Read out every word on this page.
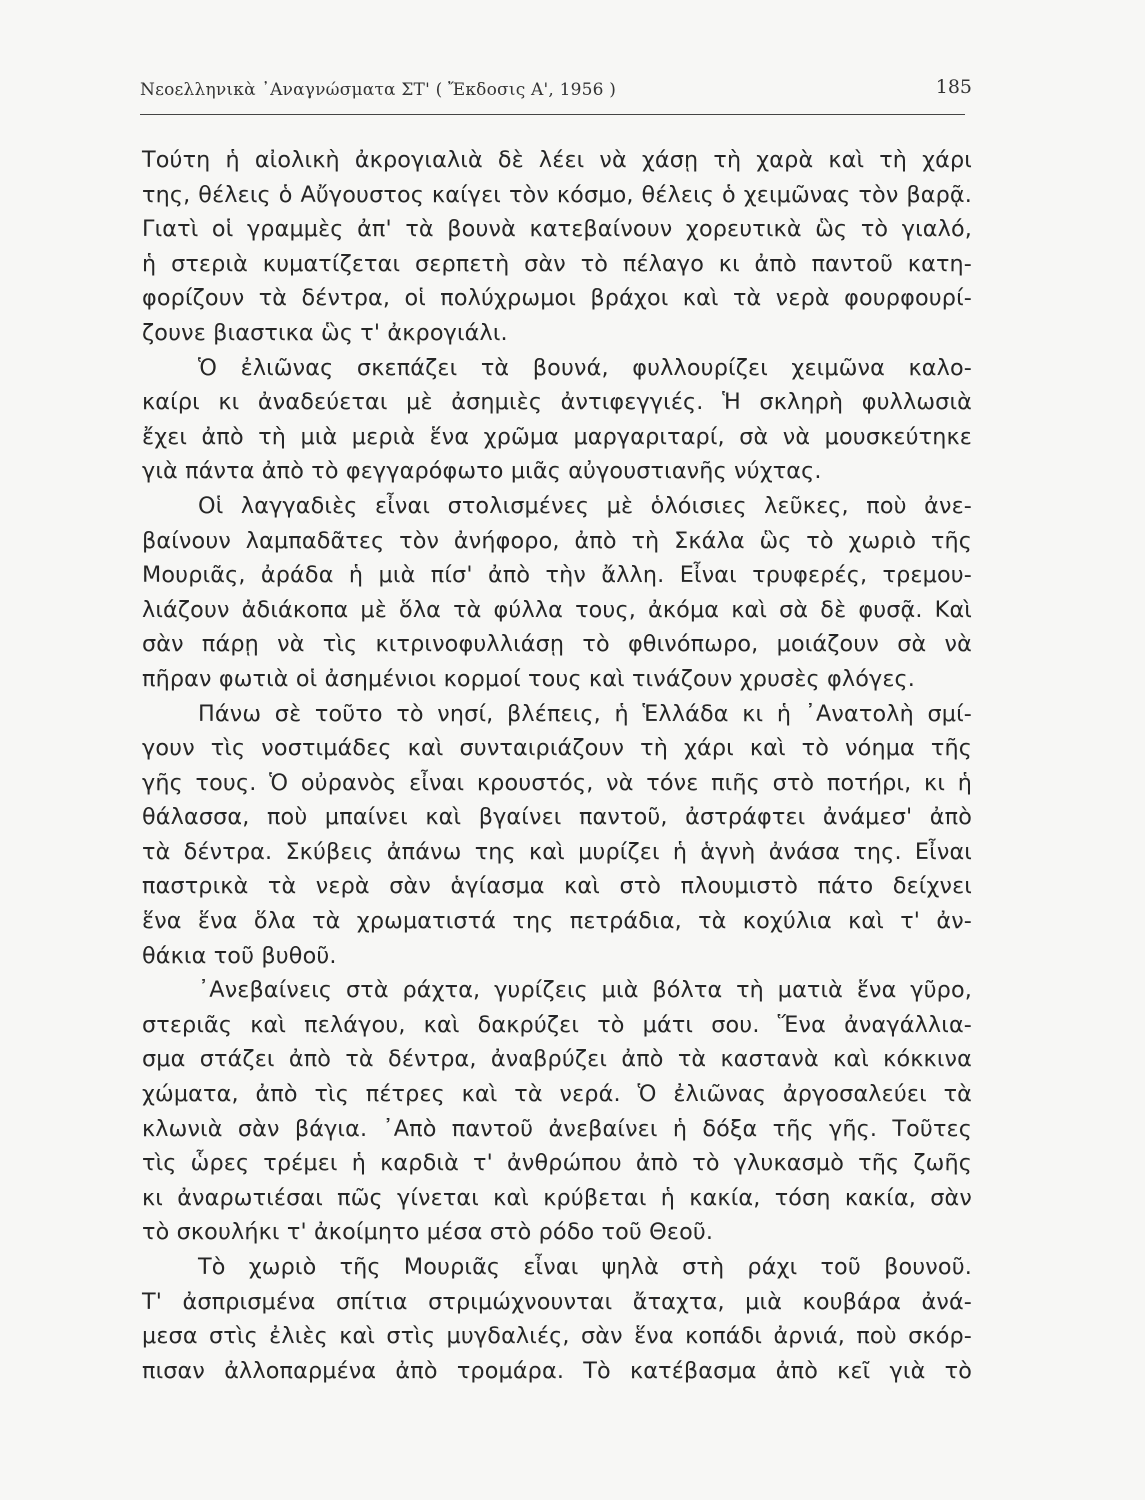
Νεοελληνικὰ ᾿Αναγνώσματα ΣΤ' ( Ἔκδοσις Α', 1956 )	185
Τούτη ἡ αἰολικὴ ἀκρογιαλιὰ δὲ λέει νὰ χάσῃ τὴ χαρὰ καὶ τὴ χάρι
της, θέλεις ὁ Αὔγουστος καίγει τὸν κόσμο, θέλεις ὁ χειμῶνας τὸν βαρᾷ.
Γιατὶ οἱ γραμμὲς ἀπ' τὰ βουνὰ κατεβαίνουν χορευτικὰ ὣς τὸ γιαλό,
ἡ στεριὰ κυματίζεται σερπετὴ σὰν τὸ πέλαγο κι ἀπὸ παντοῦ κατη-
φορίζουν τὰ δέντρα, οἱ πολύχρωμοι βράχοι καὶ τὰ νερὰ φουρφουρί-
ζουνε βιαστικα ὣς τ' ἀκρογιάλι.
Ὁ ἐλιῶνας σκεπάζει τὰ βουνά, φυλλουρίζει χειμῶνα καλο-
καίρι κι ἀναδεύεται μὲ ἀσημιὲς ἀντιφεγγιές. Ἡ σκληρὴ φυλλωσιὰ
ἔχει ἀπὸ τὴ μιὰ μεριὰ ἕνα χρῶμα μαργαριταρί, σὰ νὰ μουσκεύτηκε
γιὰ πάντα ἀπὸ τὸ φεγγαρόφωτο μιᾶς αὐγουστιανῆς νύχτας.
Οἱ λαγγαδιὲς εἶναι στολισμένες μὲ ὁλόισιες λεῦκες, ποὺ ἀνε-
βαίνουν λαμπαδᾶτες τὸν ἀνήφορο, ἀπὸ τὴ Σκάλα ὣς τὸ χωριὸ τῆς
Μουριᾶς, ἀράδα ἡ μιὰ πίσ' ἀπὸ τὴν ἄλλη. Εἶναι τρυφερές, τρεμου-
λιάζουν ἀδιάκοπα μὲ ὅλα τὰ φύλλα τους, ἀκόμα καὶ σὰ δὲ φυσᾷ. Καὶ
σὰν πάρῃ νὰ τὶς κιτρινοφυλλιάσῃ τὸ φθινόπωρο, μοιάζουν σὰ νὰ
πῆραν φωτιὰ οἱ ἀσημένιοι κορμοί τους καὶ τινάζουν χρυσὲς φλόγες.
Πάνω σὲ τοῦτο τὸ νησί, βλέπεις, ἡ Ἑλλάδα κι ἡ ᾿Ανατολὴ σμί-
γουν τὶς νοστιμάδες καὶ συνταιριάζουν τὴ χάρι καὶ τὸ νόημα τῆς
γῆς τους. Ὁ οὐρανὸς εἶναι κρουστός, νὰ τόνε πιῆς στὸ ποτήρι, κι ἡ
θάλασσα, ποὺ μπαίνει καὶ βγαίνει παντοῦ, ἀστράφτει ἀνάμεσ' ἀπὸ
τὰ δέντρα. Σκύβεις ἀπάνω της καὶ μυρίζει ἡ ἁγνὴ ἀνάσα της. Εἶναι
παστρικὰ τὰ νερὰ σὰν ἁγίασμα καὶ στὸ πλουμιστὸ πάτο δείχνει
ἕνα ἕνα ὅλα τὰ χρωματιστά της πετράδια, τὰ κοχύλια καὶ τ' ἀν-
θάκια τοῦ βυθοῦ.
᾿Ανεβαίνεις στὰ ράχτα, γυρίζεις μιὰ βόλτα τὴ ματιὰ ἕνα γῦρο,
στεριᾶς καὶ πελάγου, καὶ δακρύζει τὸ μάτι σου. Ἕνα ἀναγάλλια-
σμα στάζει ἀπὸ τὰ δέντρα, ἀναβρύζει ἀπὸ τὰ καστανὰ καὶ κόκκινα
χώματα, ἀπὸ τὶς πέτρες καὶ τὰ νερά. Ὁ ἐλιῶνας ἀργοσαλεύει τὰ
κλωνιὰ σὰν βάγια. ᾿Απὸ παντοῦ ἀνεβαίνει ἡ δόξα τῆς γῆς. Τοῦτες
τὶς ὧρες τρέμει ἡ καρδιὰ τ' ἀνθρώπου ἀπὸ τὸ γλυκασμὸ τῆς ζωῆς
κι ἀναρωτιέσαι πῶς γίνεται καὶ κρύβεται ἡ κακία, τόση κακία, σὰν
τὸ σκουλήκι τ' ἀκοίμητο μέσα στὸ ρόδο τοῦ Θεοῦ.
Τὸ χωριὸ τῆς Μουριᾶς εἶναι ψηλὰ στὴ ράχι τοῦ βουνοῦ.
Τ' ἀσπρισμένα σπίτια στριμώχνουνται ἄταχτα, μιὰ κουβάρα ἀνά-
μεσα στὶς ἐλιὲς καὶ στὶς μυγδαλιές, σὰν ἕνα κοπάδι ἀρνιά, ποὺ σκόρ-
πισαν ἀλλοπαρμένα ἀπὸ τρομάρα. Τὸ κατέβασμα ἀπὸ κεῖ γιὰ τὸ
